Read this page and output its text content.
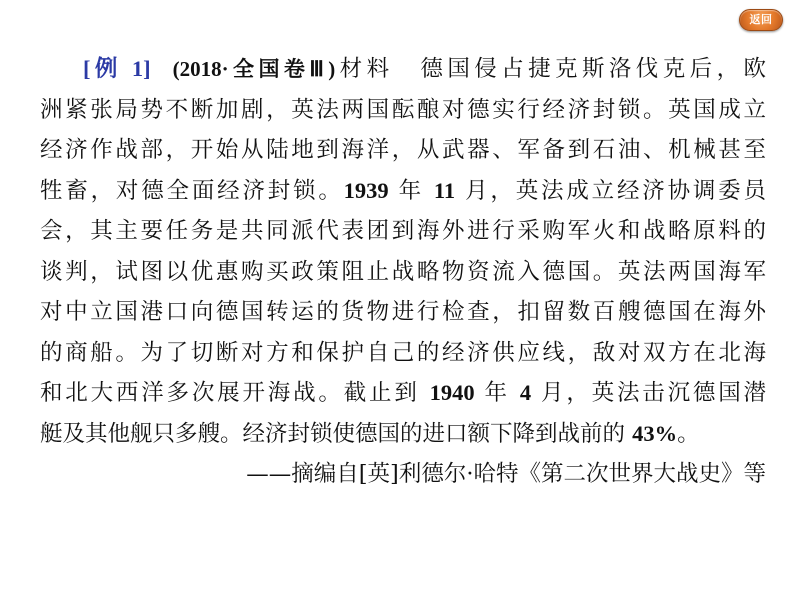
返回
[例 1] (2018·全国卷Ⅲ)材料　德国侵占捷克斯洛伐克后，欧
洲紧张局势不断加剧，英法两国酝酿对德实行经济封锁。英国成立
经济作战部，开始从陆地到海洋，从武器、军备到石油、机械甚至
牲畜，对德全面经济封锁。1939 年 11 月，英法成立经济协调委员
会，其主要任务是共同派代表团到海外进行采购军火和战略原料的
谈判，试图以优惠购买政策阻止战略物资流入德国。英法两国海军
对中立国港口向德国转运的货物进行检查，扣留数百艘德国在海外
的商船。为了切断对方和保护自己的经济供应线，敌对双方在北海
和北大西洋多次展开海战。截止到 1940 年 4 月，英法击沉德国潜
艇及其他舰只多艘。经济封锁使德国的进口额下降到战前的 43%。
——摘编自[英]利德尔·哈特《第二次世界大战史》等
